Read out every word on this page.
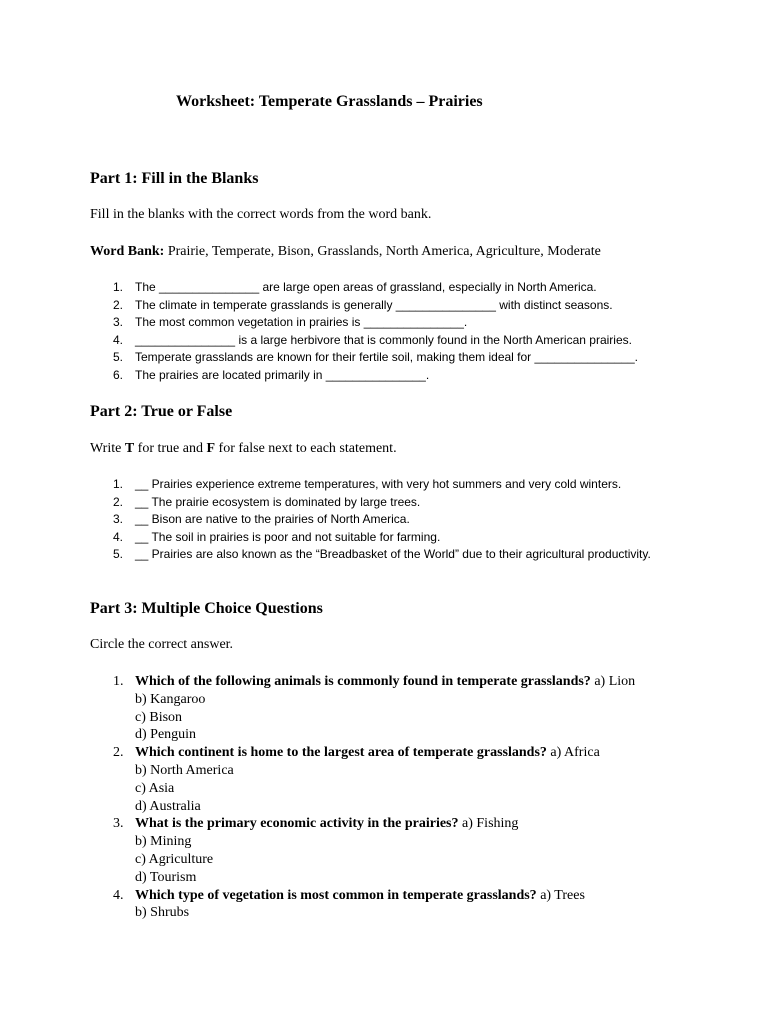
Worksheet: Temperate Grasslands – Prairies
Part 1: Fill in the Blanks
Fill in the blanks with the correct words from the word bank.
Word Bank: Prairie, Temperate, Bison, Grasslands, North America, Agriculture, Moderate
1. The _______________ are large open areas of grassland, especially in North America.
2. The climate in temperate grasslands is generally _______________ with distinct seasons.
3. The most common vegetation in prairies is _______________.
4. _______________ is a large herbivore that is commonly found in the North American prairies.
5. Temperate grasslands are known for their fertile soil, making them ideal for _______________.
6. The prairies are located primarily in _______________.
Part 2: True or False
Write T for true and F for false next to each statement.
1. __ Prairies experience extreme temperatures, with very hot summers and very cold winters.
2. __ The prairie ecosystem is dominated by large trees.
3. __ Bison are native to the prairies of North America.
4. __ The soil in prairies is poor and not suitable for farming.
5. __ Prairies are also known as the “Breadbasket of the World” due to their agricultural productivity.
Part 3: Multiple Choice Questions
Circle the correct answer.
1. Which of the following animals is commonly found in temperate grasslands? a) Lion
b) Kangaroo
c) Bison
d) Penguin
2. Which continent is home to the largest area of temperate grasslands? a) Africa
b) North America
c) Asia
d) Australia
3. What is the primary economic activity in the prairies? a) Fishing
b) Mining
c) Agriculture
d) Tourism
4. Which type of vegetation is most common in temperate grasslands? a) Trees
b) Shrubs
